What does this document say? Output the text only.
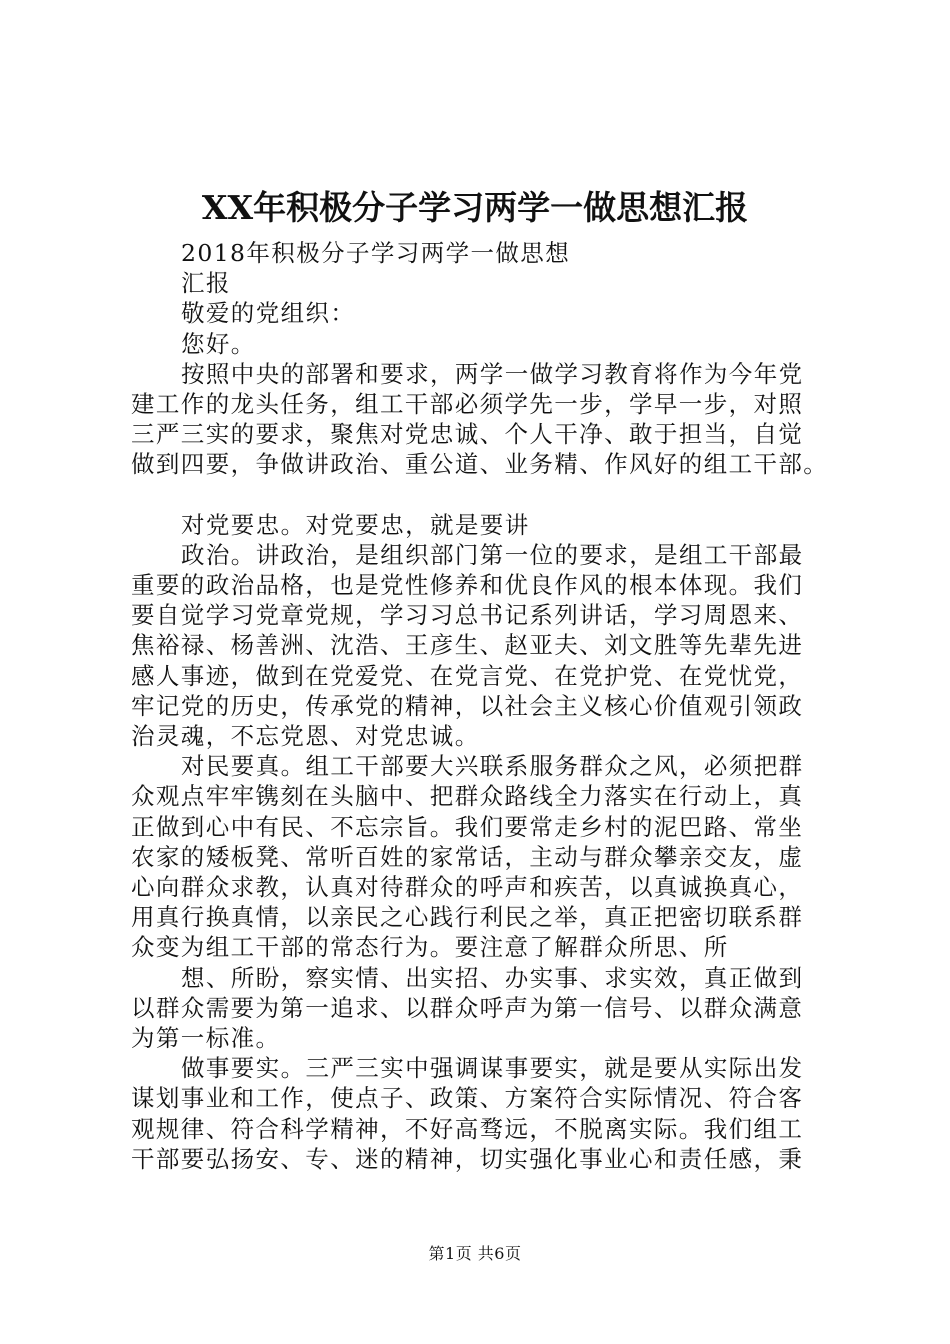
XX年积极分子学习两学一做思想汇报
2018年积极分子学习两学一做思想
汇报
敬爱的党组织：
您好。
按照中央的部署和要求，两学一做学习教育将作为今年党
建工作的龙头任务，组工干部必须学先一步，学早一步，对照
三严三实的要求，聚焦对党忠诚、个人干净、敢于担当，自觉
做到四要，争做讲政治、重公道、业务精、作风好的组工干部。
对党要忠。对党要忠，就是要讲
政治。讲政治，是组织部门第一位的要求，是组工干部最
重要的政治品格，也是党性修养和优良作风的根本体现。我们
要自觉学习党章党规，学习习总书记系列讲话，学习周恩来、
焦裕禄、杨善洲、沈浩、王彦生、赵亚夫、刘文胜等先辈先进
感人事迹，做到在党爱党、在党言党、在党护党、在党忧党，
牢记党的历史，传承党的精神，以社会主义核心价值观引领政
治灵魂，不忘党恩、对党忠诚。
对民要真。组工干部要大兴联系服务群众之风，必须把群
众观点牢牢镌刻在头脑中、把群众路线全力落实在行动上，真
正做到心中有民、不忘宗旨。我们要常走乡村的泥巴路、常坐
农家的矮板凳、常听百姓的家常话，主动与群众攀亲交友，虚
心向群众求教，认真对待群众的呼声和疾苦，以真诚换真心，
用真行换真情，以亲民之心践行利民之举，真正把密切联系群
众变为组工干部的常态行为。要注意了解群众所思、所
想、所盼，察实情、出实招、办实事、求实效，真正做到
以群众需要为第一追求、以群众呼声为第一信号、以群众满意
为第一标准。
做事要实。三严三实中强调谋事要实，就是要从实际出发
谋划事业和工作，使点子、政策、方案符合实际情况、符合客
观规律、符合科学精神，不好高骛远，不脱离实际。我们组工
干部要弘扬安、专、迷的精神，切实强化事业心和责任感，秉
第1页 共6页
